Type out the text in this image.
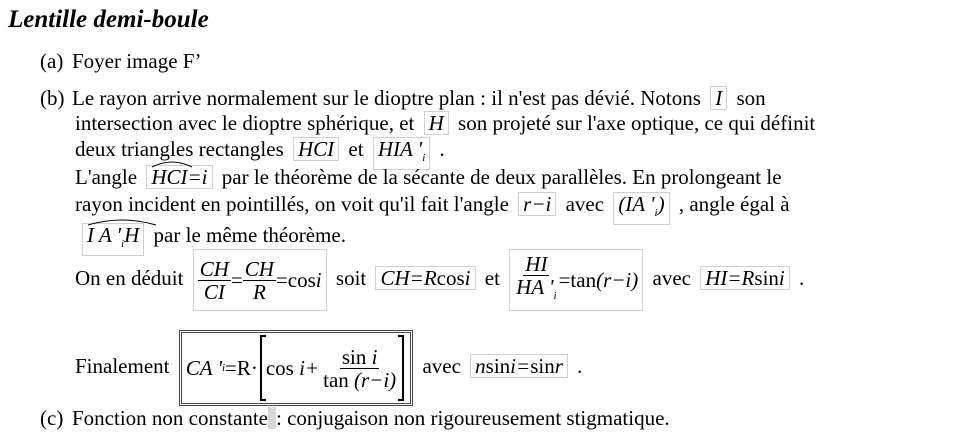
Lentille demi-boule
(a) Foyer image F’
(b) Le rayon arrive normalement sur le dioptre plan : il n'est pas dévié. Notons I son
intersection avec le dioptre sphérique, et H son projeté sur l'axe optique, ce qui définit
deux triangles rectangles HCI et HIA '$_i$ .
L'angle HCI=i par le théorème de la sécante de deux parallèles. En prolongeant le
rayon incident en pointillés, on voit qu'il fait l'angle r−i avec (IA '$_i$) , angle égal à
I A '$_iH$ par le même théorème.
On en déduit $\frac{CH}{CI} = \frac{CH}{R} = \cos i$ soit CH=Rcosi et $\frac{HI}{HA '_i} = \tan (r-i)$ avec HI=Rsini .
Finalement CA ' i =R· cos
$i+ \frac{\text{sin i}}{\tan (r-i)}$ avec nsini=sinr .
(c) Fonction non constante : conjugaison non rigoureusement stigmatique.
